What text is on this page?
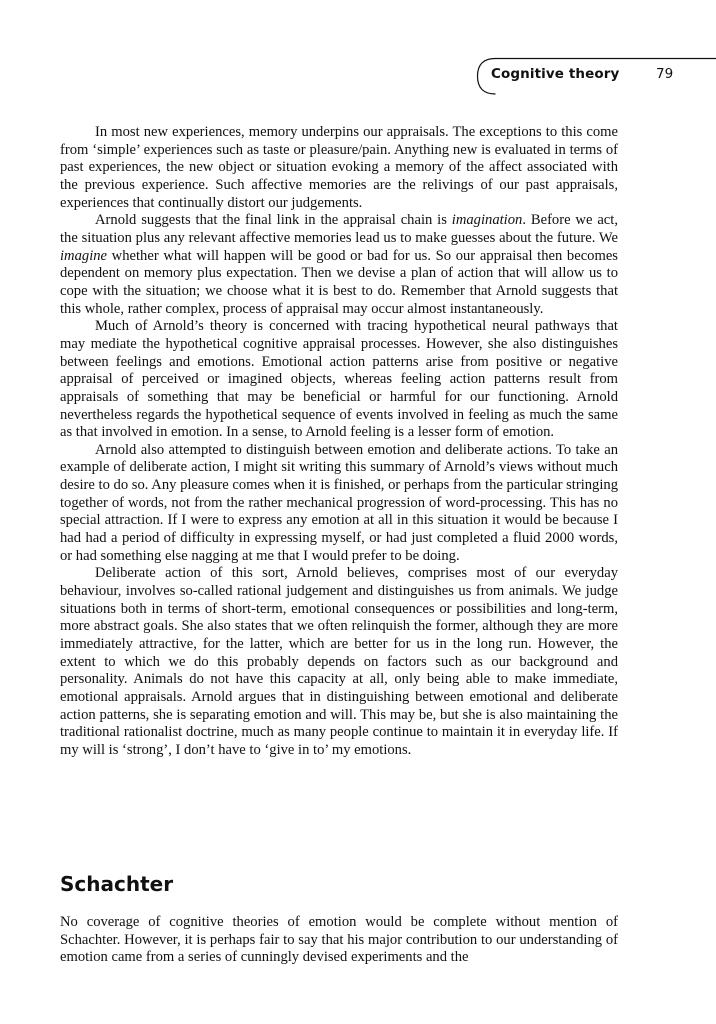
Cognitive theory	79

In most new experiences, memory underpins our appraisals. The exceptions to this come from ‘simple’ experiences such as taste or pleasure/pain. Anything new is evaluated in terms of past experiences, the new object or situation evoking a memory of the affect associated with the previous experience. Such affective memories are the relivings of our past appraisals, experiences that continually distort our judgements.

Arnold suggests that the final link in the appraisal chain is imagination. Before we act, the situation plus any relevant affective memories lead us to make guesses about the future. We imagine whether what will happen will be good or bad for us. So our appraisal then becomes dependent on memory plus expectation. Then we devise a plan of action that will allow us to cope with the situation; we choose what it is best to do. Remember that Arnold suggests that this whole, rather complex, process of appraisal may occur almost instantaneously.

Much of Arnold’s theory is concerned with tracing hypothetical neural pathways that may mediate the hypothetical cognitive appraisal processes. However, she also distinguishes between feelings and emotions. Emotional action patterns arise from positive or negative appraisal of perceived or imagined objects, whereas feeling action patterns result from appraisals of something that may be beneficial or harmful for our functioning. Arnold nevertheless regards the hypothetical sequence of events involved in feeling as much the same as that involved in emotion. In a sense, to Arnold feeling is a lesser form of emotion.

Arnold also attempted to distinguish between emotion and deliberate actions. To take an example of deliberate action, I might sit writing this summary of Arnold’s views without much desire to do so. Any pleasure comes when it is finished, or perhaps from the particular stringing together of words, not from the rather mechanical progression of word-processing. This has no special attraction. If I were to express any emotion at all in this situation it would be because I had had a period of difficulty in expressing myself, or had just completed a fluid 2000 words, or had something else nagging at me that I would prefer to be doing.

Deliberate action of this sort, Arnold believes, comprises most of our everyday behaviour, involves so-called rational judgement and distinguishes us from animals. We judge situations both in terms of short-term, emotional consequences or possibilities and long-term, more abstract goals. She also states that we often relinquish the former, although they are more immediately attractive, for the latter, which are better for us in the long run. However, the extent to which we do this probably depends on factors such as our background and personality. Animals do not have this capacity at all, only being able to make immediate, emotional appraisals. Arnold argues that in distinguishing between emotional and deliberate action patterns, she is separating emotion and will. This may be, but she is also maintaining the traditional rationalist doctrine, much as many people continue to maintain it in everyday life. If my will is ‘strong’, I don’t have to ‘give in to’ my emotions.

Schachter

No coverage of cognitive theories of emotion would be complete without mention of Schachter. However, it is perhaps fair to say that his major contribution to our understanding of emotion came from a series of cunningly devised experiments and the
